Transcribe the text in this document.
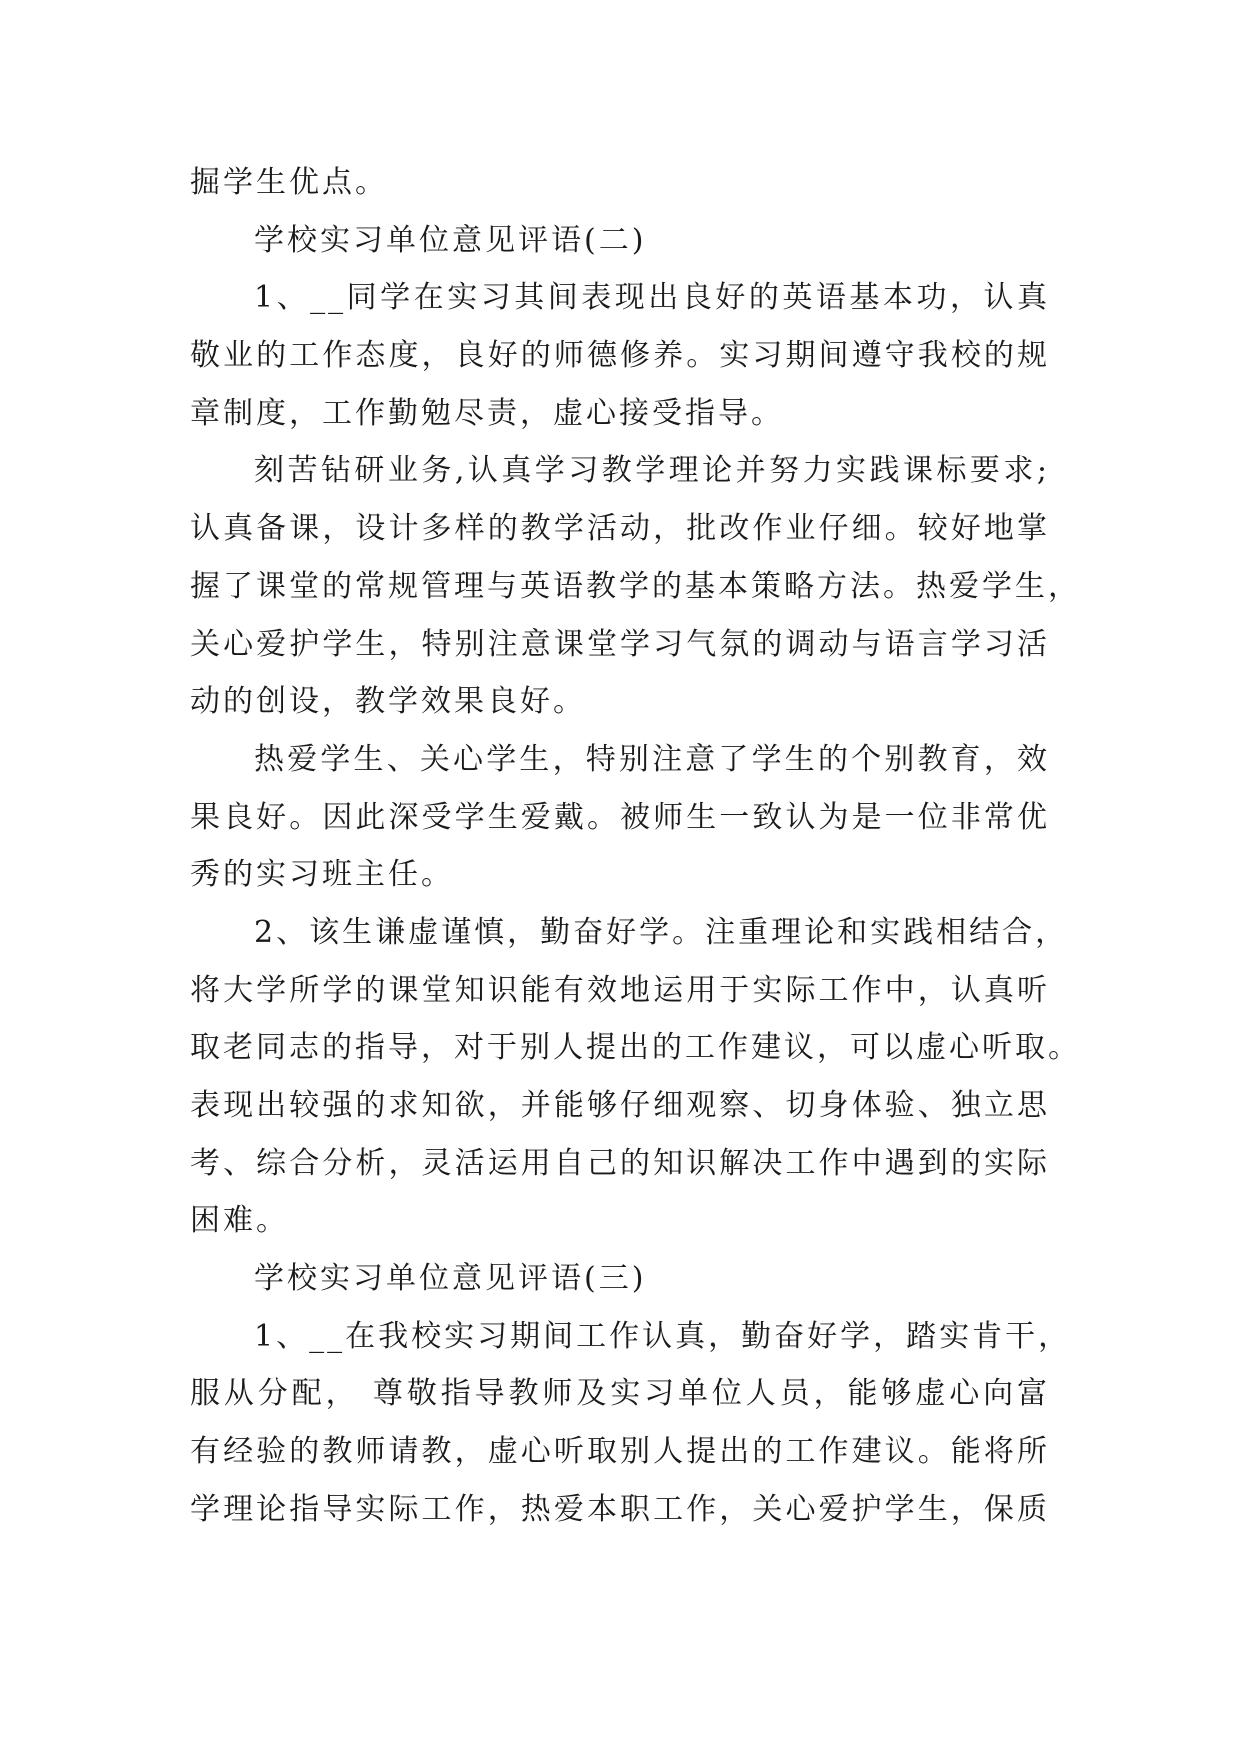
掘学生优点。
学校实习单位意见评语(二)
1、__同学在实习其间表现出良好的英语基本功，认真
敬业的工作态度，良好的师德修养。实习期间遵守我校的规
章制度，工作勤勉尽责，虚心接受指导。
刻苦钻研业务,认真学习教学理论并努力实践课标要求;
认真备课，设计多样的教学活动，批改作业仔细。较好地掌
握了课堂的常规管理与英语教学的基本策略方法。热爱学生，
关心爱护学生，特别注意课堂学习气氛的调动与语言学习活
动的创设，教学效果良好。
热爱学生、关心学生，特别注意了学生的个别教育，效
果良好。因此深受学生爱戴。被师生一致认为是一位非常优
秀的实习班主任。
2、该生谦虚谨慎，勤奋好学。注重理论和实践相结合，
将大学所学的课堂知识能有效地运用于实际工作中，认真听
取老同志的指导，对于别人提出的工作建议，可以虚心听取。
表现出较强的求知欲，并能够仔细观察、切身体验、独立思
考、综合分析，灵活运用自己的知识解决工作中遇到的实际
困难。
学校实习单位意见评语(三)
1、__在我校实习期间工作认真，勤奋好学，踏实肯干，
服从分配， 尊敬指导教师及实习单位人员，能够虚心向富
有经验的教师请教，虚心听取别人提出的工作建议。能将所
学理论指导实际工作，热爱本职工作，关心爱护学生，保质
